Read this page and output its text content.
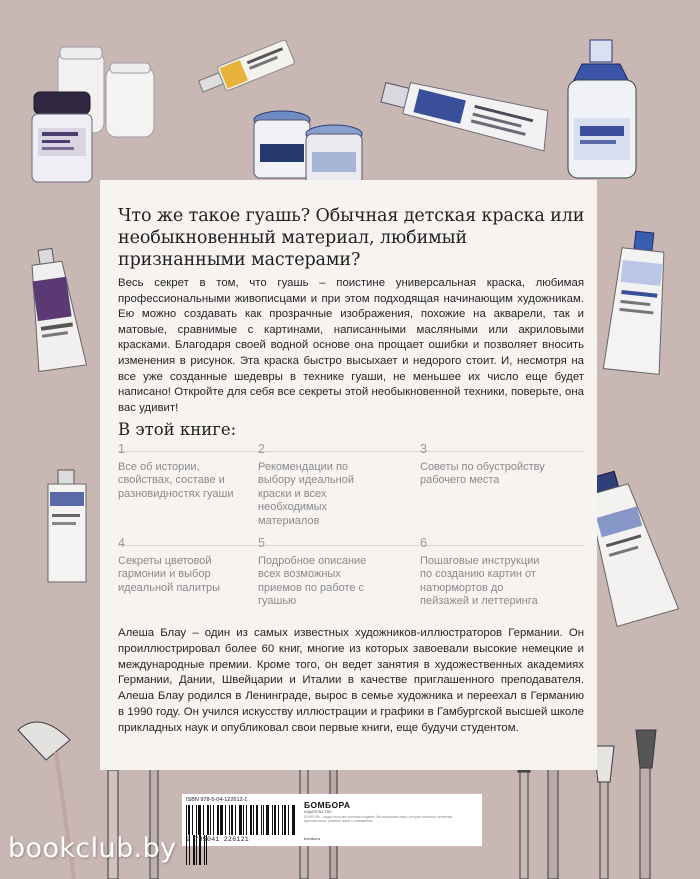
Что же такое гуашь? Обычная детская краска или необыкновенный материал, любимый признанными мастерами?

Весь секрет в том, что гуашь – поистине универсальная краска, любимая профессиональными живописцами и при этом подходящая начинающим художникам. Ею можно создавать как прозрачные изображения, похожие на акварели, так и матовые, сравнимые с картинами, написанными масляными или акриловыми красками. Благодаря своей водной основе она прощает ошибки и позволяет вносить изменения в рисунок. Эта краска быстро высыхает и недорого стоит. И, несмотря на все уже созданные шедевры в технике гуаши, не меньшее их число еще будет написано! Откройте для себя все секреты этой необыкновенной техники, поверьте, она вас удивит!

В этой книге:
1
Все об истории, свойствах, составе и разновидностях гуаши
2
Рекомендации по выбору идеальной краски и всех необходимых материалов
3
Советы по обустройству рабочего места
4
Секреты цветовой гармонии и выбор идеальной палитры
5
Подробное описание всех возможных приемов по работе с гуашью
6
Пошаговые инструкции по созданию картин от натюрмортов до пейзажей и леттеринга

Алеша Блау – один из самых известных художников-иллюстраторов Германии. Он проиллюстрировал более 60 книг, многие из которых завоевали высокие немецкие и международные премии. Кроме того, он ведет занятия в художественных академиях Германии, Дании, Швейцарии и Италии в качестве приглашенного преподавателя. Алеша Блау родился в Ленинграде, вырос в семье художника и переехал в Германию в 1990 году. Он учился искусству иллюстрации и графики в Гамбургской высшей школе прикладных наук и опубликовал свои первые книги, еще будучи студентом.

ISBN 978-5-04-122612-1
9 785041 226121
БОМБОРА
ИЗДАТЕЛЬСТВО
БОМБОРА – лидер на рынке полезных изданий. Мы выпускаем книги, которые помогают читателям вдохновляться, узнавать новое и развиваться.
bombora
bookclub.by
